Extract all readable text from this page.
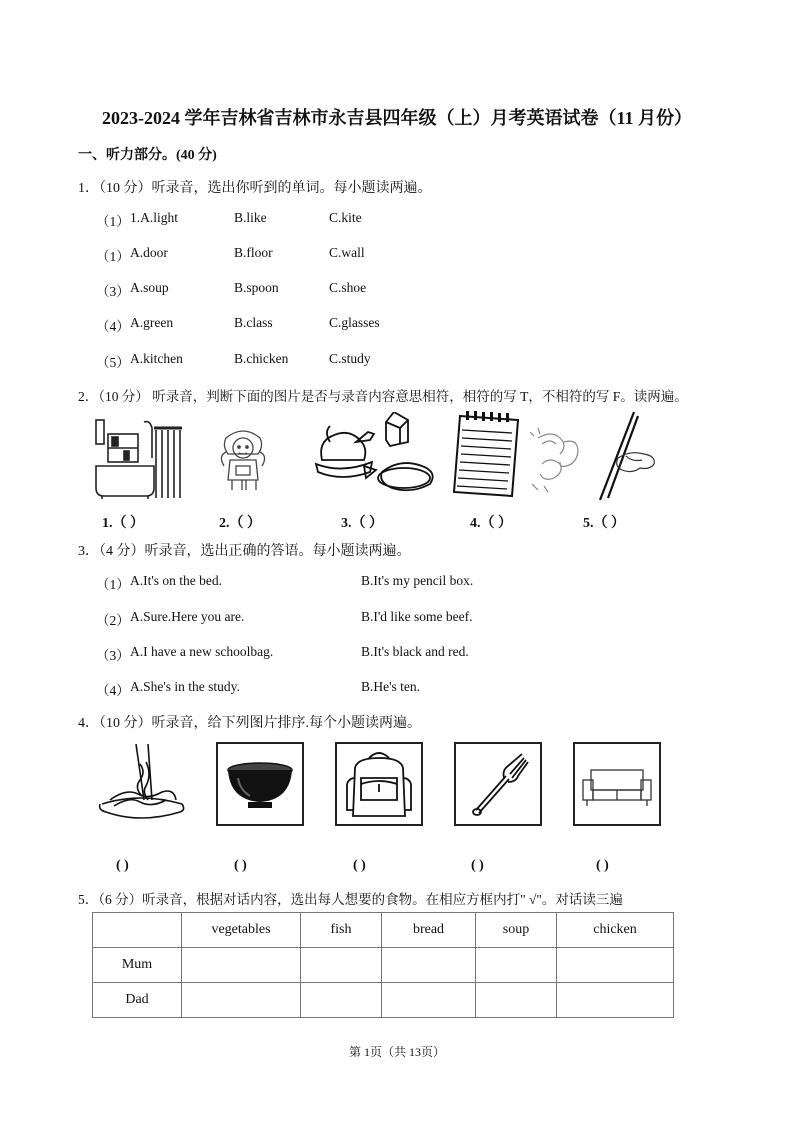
2023-2024 学年吉林省吉林市永吉县四年级（上）月考英语试卷（11 月份）
一、听力部分。(40 分)
1．（10 分）听录音，选出你听到的单词。每小题读两遍。
（1） 1.A.light	B.like	C.kite
（1） A.door	B.floor	C.wall
（3） A.soup	B.spoon	C.shoe
（4） A.green	B.class	C.glasses
（5） A.kitchen	B.chicken	C.study
2．（10 分） 听录音，判断下面的图片是否与录音内容意思相符，相符的写 T，不相符的写 F。读两遍。
1.（ ）	2.（ ）	3.（ ）	4.（ ）	5.（ ）
3．（4 分）听录音，选出正确的答语。每小题读两遍。
（1） A.It's on the bed.	B.It's my pencil box.
（2） A.Sure.Here you are.	B.I'd like some beef.
（3） A.I have a new schoolbag.	B.It's black and red.
（4） A.She's in the study.	B.He's ten.
4．（10 分）听录音，给下列图片排序.每个小题读两遍。
( )	( )	( )	( )	( )
5．（6 分）听录音，根据对话内容，选出每人想要的食物。在相应方框内打" √"。对话读三遍
	vegetables	fish	bread	soup	chicken
Mum					
Dad					
第 1页（共 13页）
